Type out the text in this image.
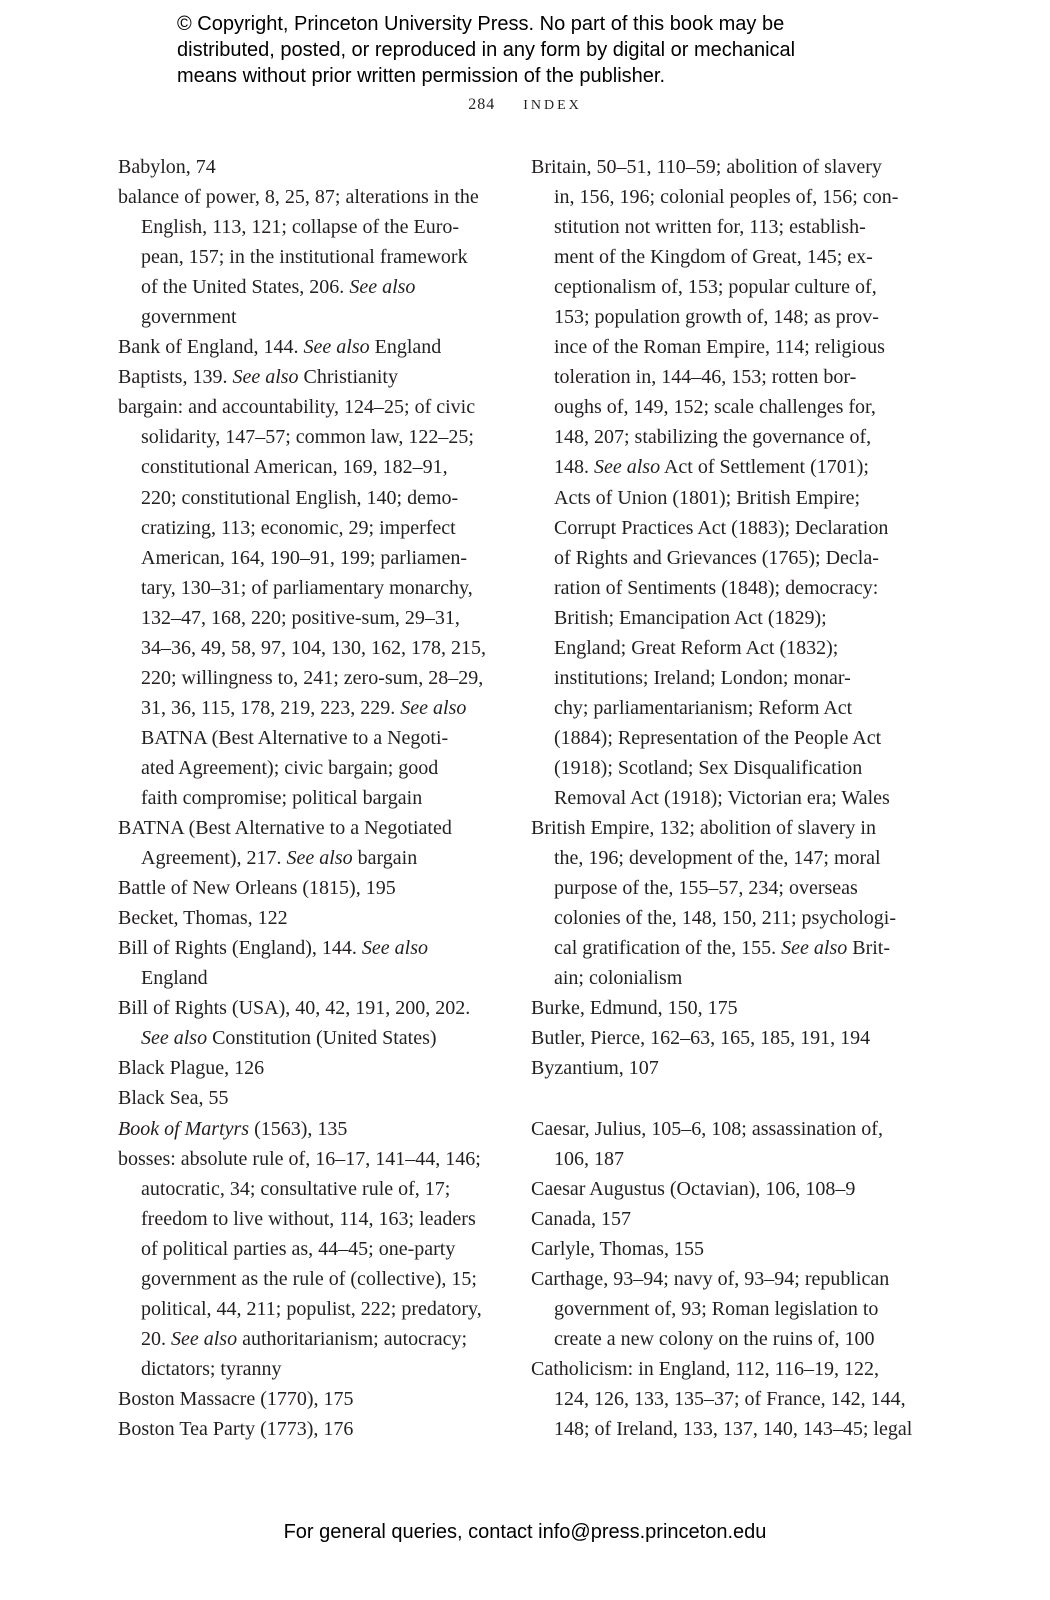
© Copyright, Princeton University Press. No part of this book may be
distributed, posted, or reproduced in any form by digital or mechanical
means without prior written permission of the publisher.
284 INDEX
Babylon, 74
balance of power, 8, 25, 87; alterations in the
English, 113, 121; collapse of the Euro-
pean, 157; in the institutional framework
of the United States, 206. See also
government
Bank of England, 144. See also England
Baptists, 139. See also Christianity
bargain: and accountability, 124–25; of civic
solidarity, 147–57; common law, 122–25;
constitutional American, 169, 182–91,
220; constitutional English, 140; demo-
cratizing, 113; economic, 29; imperfect
American, 164, 190–91, 199; parliamen-
tary, 130–31; of parliamentary monarchy,
132–47, 168, 220; positive-sum, 29–31,
34–36, 49, 58, 97, 104, 130, 162, 178, 215,
220; willingness to, 241; zero-sum, 28–29,
31, 36, 115, 178, 219, 223, 229. See also
BATNA (Best Alternative to a Negoti-
ated Agreement); civic bargain; good
faith compromise; political bargain
BATNA (Best Alternative to a Negotiated
Agreement), 217. See also bargain
Battle of New Orleans (1815), 195
Becket, Thomas, 122
Bill of Rights (England), 144. See also
England
Bill of Rights (USA), 40, 42, 191, 200, 202.
See also Constitution (United States)
Black Plague, 126
Black Sea, 55
Book of Martyrs (1563), 135
bosses: absolute rule of, 16–17, 141–44, 146;
autocratic, 34; consultative rule of, 17;
freedom to live without, 114, 163; leaders
of political parties as, 44–45; one-party
government as the rule of (collective), 15;
political, 44, 211; populist, 222; predatory,
20. See also authoritarianism; autocracy;
dictators; tyranny
Boston Massacre (1770), 175
Boston Tea Party (1773), 176
Britain, 50–51, 110–59; abolition of slavery
in, 156, 196; colonial peoples of, 156; con-
stitution not written for, 113; establish-
ment of the Kingdom of Great, 145; ex-
ceptionalism of, 153; popular culture of,
153; population growth of, 148; as prov-
ince of the Roman Empire, 114; religious
toleration in, 144–46, 153; rotten bor-
oughs of, 149, 152; scale challenges for,
148, 207; stabilizing the governance of,
148. See also Act of Settlement (1701);
Acts of Union (1801); British Empire;
Corrupt Practices Act (1883); Declaration
of Rights and Grievances (1765); Decla-
ration of Sentiments (1848); democracy:
British; Emancipation Act (1829);
England; Great Reform Act (1832);
institutions; Ireland; London; monar-
chy; parliamentarianism; Reform Act
(1884); Representation of the People Act
(1918); Scotland; Sex Disqualification
Removal Act (1918); Victorian era; Wales
British Empire, 132; abolition of slavery in
the, 196; development of the, 147; moral
purpose of the, 155–57, 234; overseas
colonies of the, 148, 150, 211; psychologi-
cal gratification of the, 155. See also Brit-
ain; colonialism
Burke, Edmund, 150, 175
Butler, Pierce, 162–63, 165, 185, 191, 194
Byzantium, 107
Caesar, Julius, 105–6, 108; assassination of,
106, 187
Caesar Augustus (Octavian), 106, 108–9
Canada, 157
Carlyle, Thomas, 155
Carthage, 93–94; navy of, 93–94; republican
government of, 93; Roman legislation to
create a new colony on the ruins of, 100
Catholicism: in England, 112, 116–19, 122,
124, 126, 133, 135–37; of France, 142, 144,
148; of Ireland, 133, 137, 140, 143–45; legal
For general queries, contact info@press.princeton.edu
